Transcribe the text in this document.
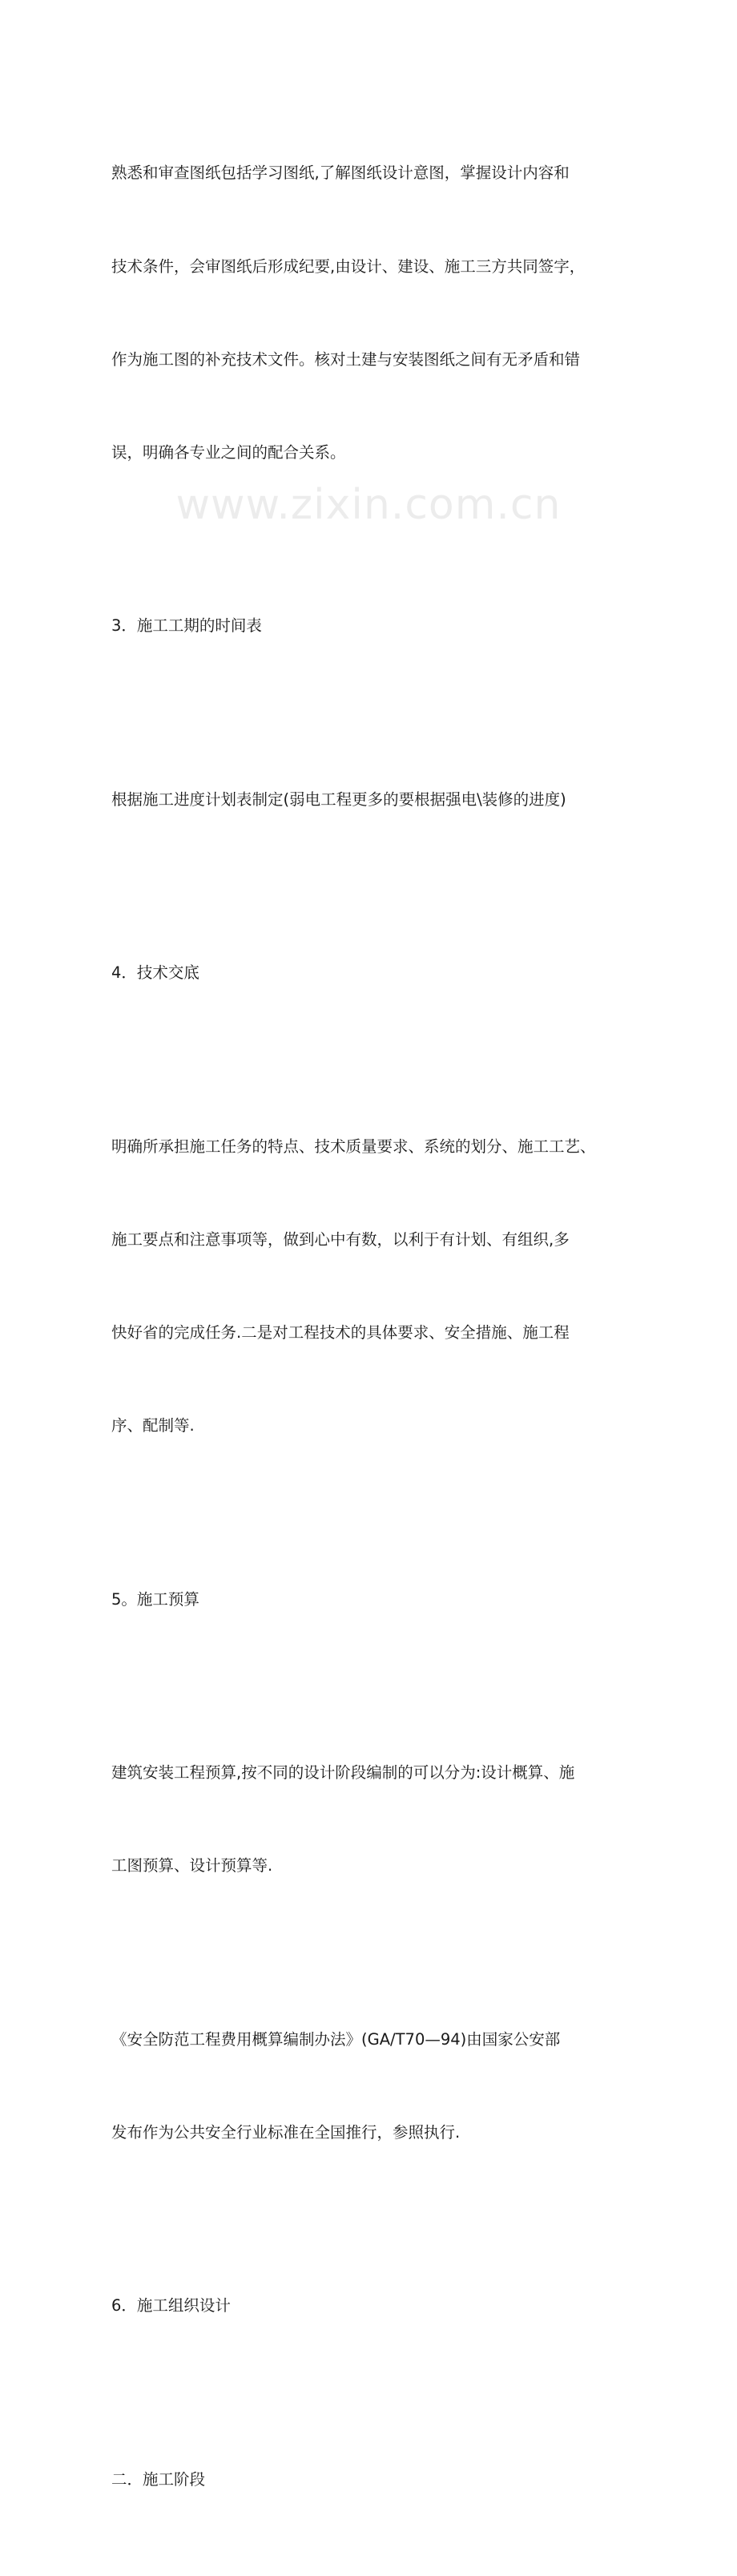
www.zixin.com.cn

熟悉和审查图纸包括学习图纸,了解图纸设计意图，掌握设计内容和

技术条件，会审图纸后形成纪要,由设计、建设、施工三方共同签字，

作为施工图的补充技术文件。核对土建与安装图纸之间有无矛盾和错

误，明确各专业之间的配合关系。

3．施工工期的时间表

根据施工进度计划表制定(弱电工程更多的要根据强电\装修的进度)

4．技术交底

明确所承担施工任务的特点、技术质量要求、系统的划分、施工工艺、

施工要点和注意事项等，做到心中有数，以利于有计划、有组织,多

快好省的完成任务.二是对工程技术的具体要求、安全措施、施工程

序、配制等.

5。施工预算

建筑安装工程预算,按不同的设计阶段编制的可以分为:设计概算、施

工图预算、设计预算等.

《安全防范工程费用概算编制办法》(GA/T70—94)由国家公安部

发布作为公共安全行业标准在全国推行，参照执行.

6．施工组织设计

二．施工阶段
